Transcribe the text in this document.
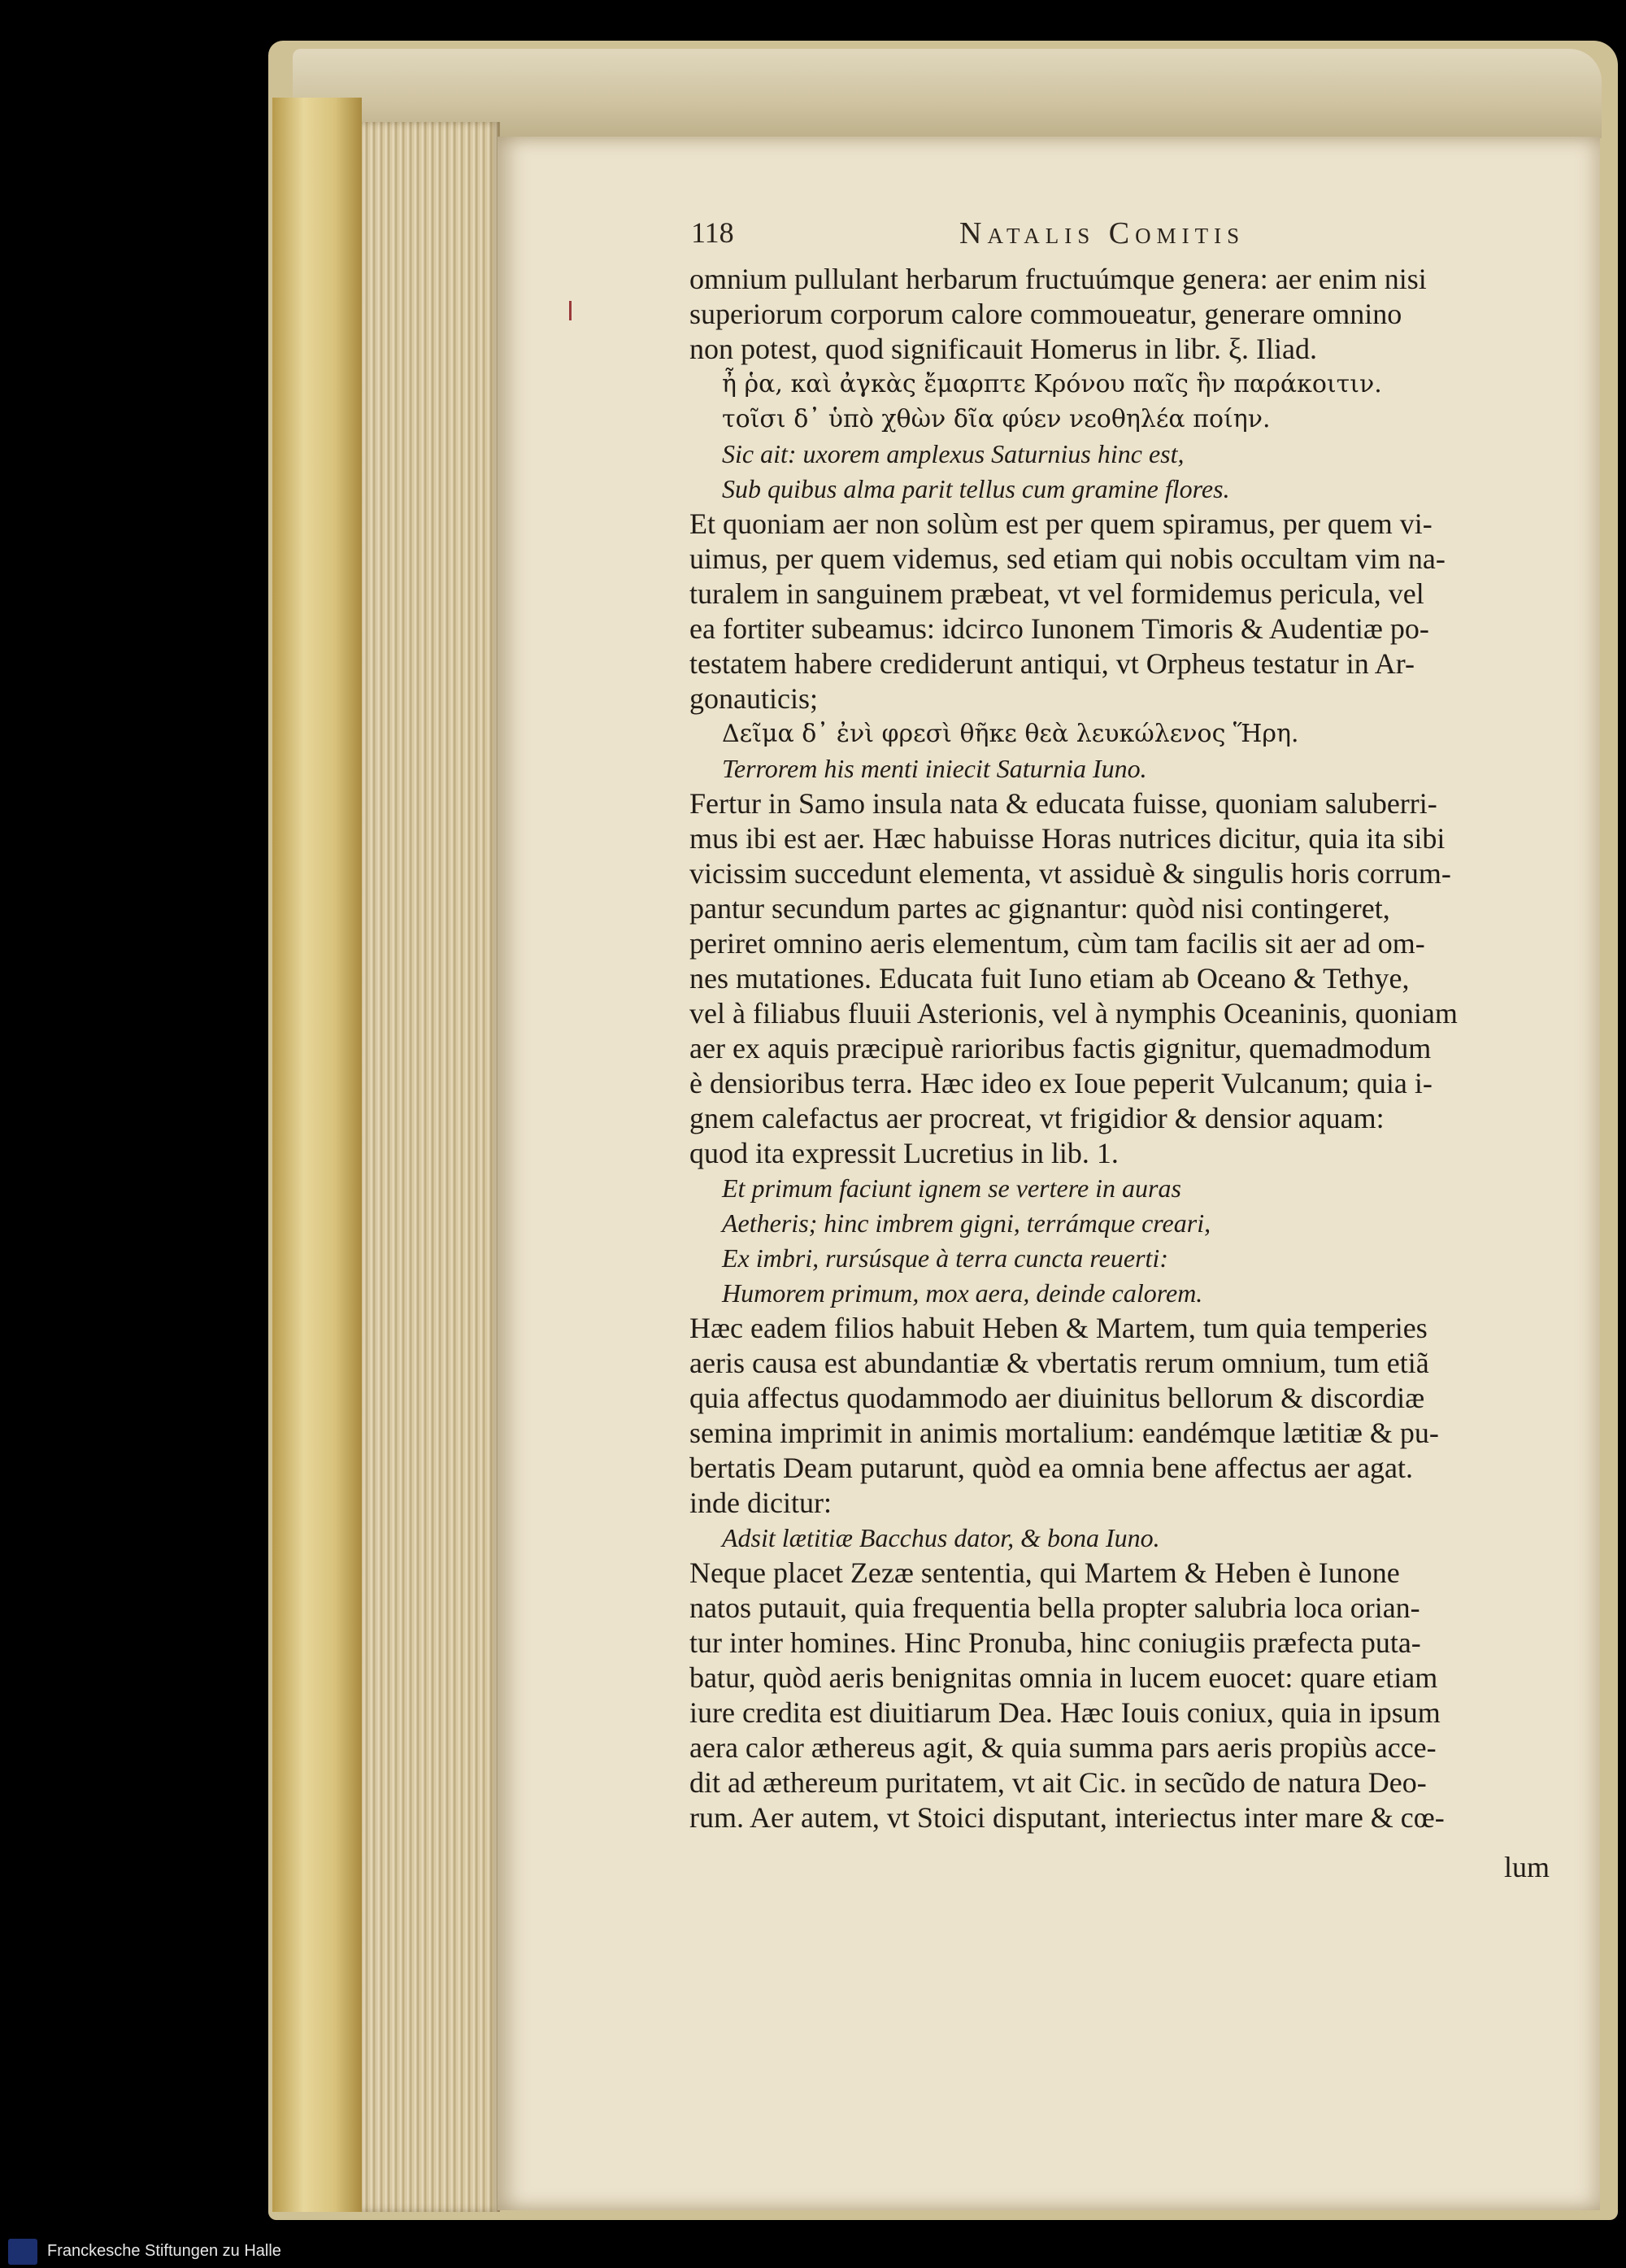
118	Natalis Comitis
omnium pullulant herbarum fructuúmque genera: aer enim nisi
superiorum corporum calore commoueatur, generare omnino
non potest, quod significauit Homerus in libr. ξ. Iliad.
ἦ ῥα, καὶ ἀγκὰς ἔμαρπτε Κρόνου παῖς ἣν παράκοιτιν.
τοῖσι δ᾽ ὑπὸ χθὼν δῖα φύεν νεοθηλέα ποίην.
Sic ait: uxorem amplexus Saturnius hinc est,
Sub quibus alma parit tellus cum gramine flores.
Et quoniam aer non solùm est per quem spiramus, per quem vi-
uimus, per quem videmus, sed etiam qui nobis occultam vim na-
turalem in sanguinem præbeat, vt vel formidemus pericula, vel
ea fortiter subeamus: idcirco Iunonem Timoris & Audentiæ po-
testatem habere crediderunt antiqui, vt Orpheus testatur in Ar-
gonauticis;
Δεῖμα δ᾽ ἐνὶ φρεσὶ θῆκε θεὰ λευκώλενος Ἥρη.
Terrorem his menti iniecit Saturnia Iuno.
Fertur in Samo insula nata & educata fuisse, quoniam saluberri-
mus ibi est aer. Hæc habuisse Horas nutrices dicitur, quia ita sibi
vicissim succedunt elementa, vt assiduè & singulis horis corrum-
pantur secundum partes ac gignantur: quòd nisi contingeret,
periret omnino aeris elementum, cùm tam facilis sit aer ad om-
nes mutationes. Educata fuit Iuno etiam ab Oceano & Tethye,
vel à filiabus fluuii Asterionis, vel à nymphis Oceaninis, quoniam
aer ex aquis præcipuè rarioribus factis gignitur, quemadmodum
è densioribus terra. Hæc ideo ex Ioue peperit Vulcanum; quia i-
gnem calefactus aer procreat, vt frigidior & densior aquam:
quod ita expressit Lucretius in lib. 1.
Et primum faciunt ignem se vertere in auras
Aetheris; hinc imbrem gigni, terrámque creari,
Ex imbri, rursúsque à terra cuncta reuerti:
Humorem primum, mox aera, deinde calorem.
Hæc eadem filios habuit Heben & Martem, tum quia temperies
aeris causa est abundantiæ & vbertatis rerum omnium, tum etiã
quia affectus quodammodo aer diuinitus bellorum & discordiæ
semina imprimit in animis mortalium: eandémque lætitiæ & pu-
bertatis Deam putarunt, quòd ea omnia bene affectus aer agat.
inde dicitur:
Adsit lætitiæ Bacchus dator, & bona Iuno.
Neque placet Zezæ sententia, qui Martem & Heben è Iunone
natos putauit, quia frequentia bella propter salubria loca orian-
tur inter homines. Hinc Pronuba, hinc coniugiis præfecta puta-
batur, quòd aeris benignitas omnia in lucem euocet: quare etiam
iure credita est diuitiarum Dea. Hæc Iouis coniux, quia in ipsum
aera calor æthereus agit, & quia summa pars aeris propiùs acce-
dit ad æthereum puritatem, vt ait Cic. in secũdo de natura Deo-
rum. Aer autem, vt Stoici disputant, interiectus inter mare & cœ-
lum
Franckesche Stiftungen zu Halle
